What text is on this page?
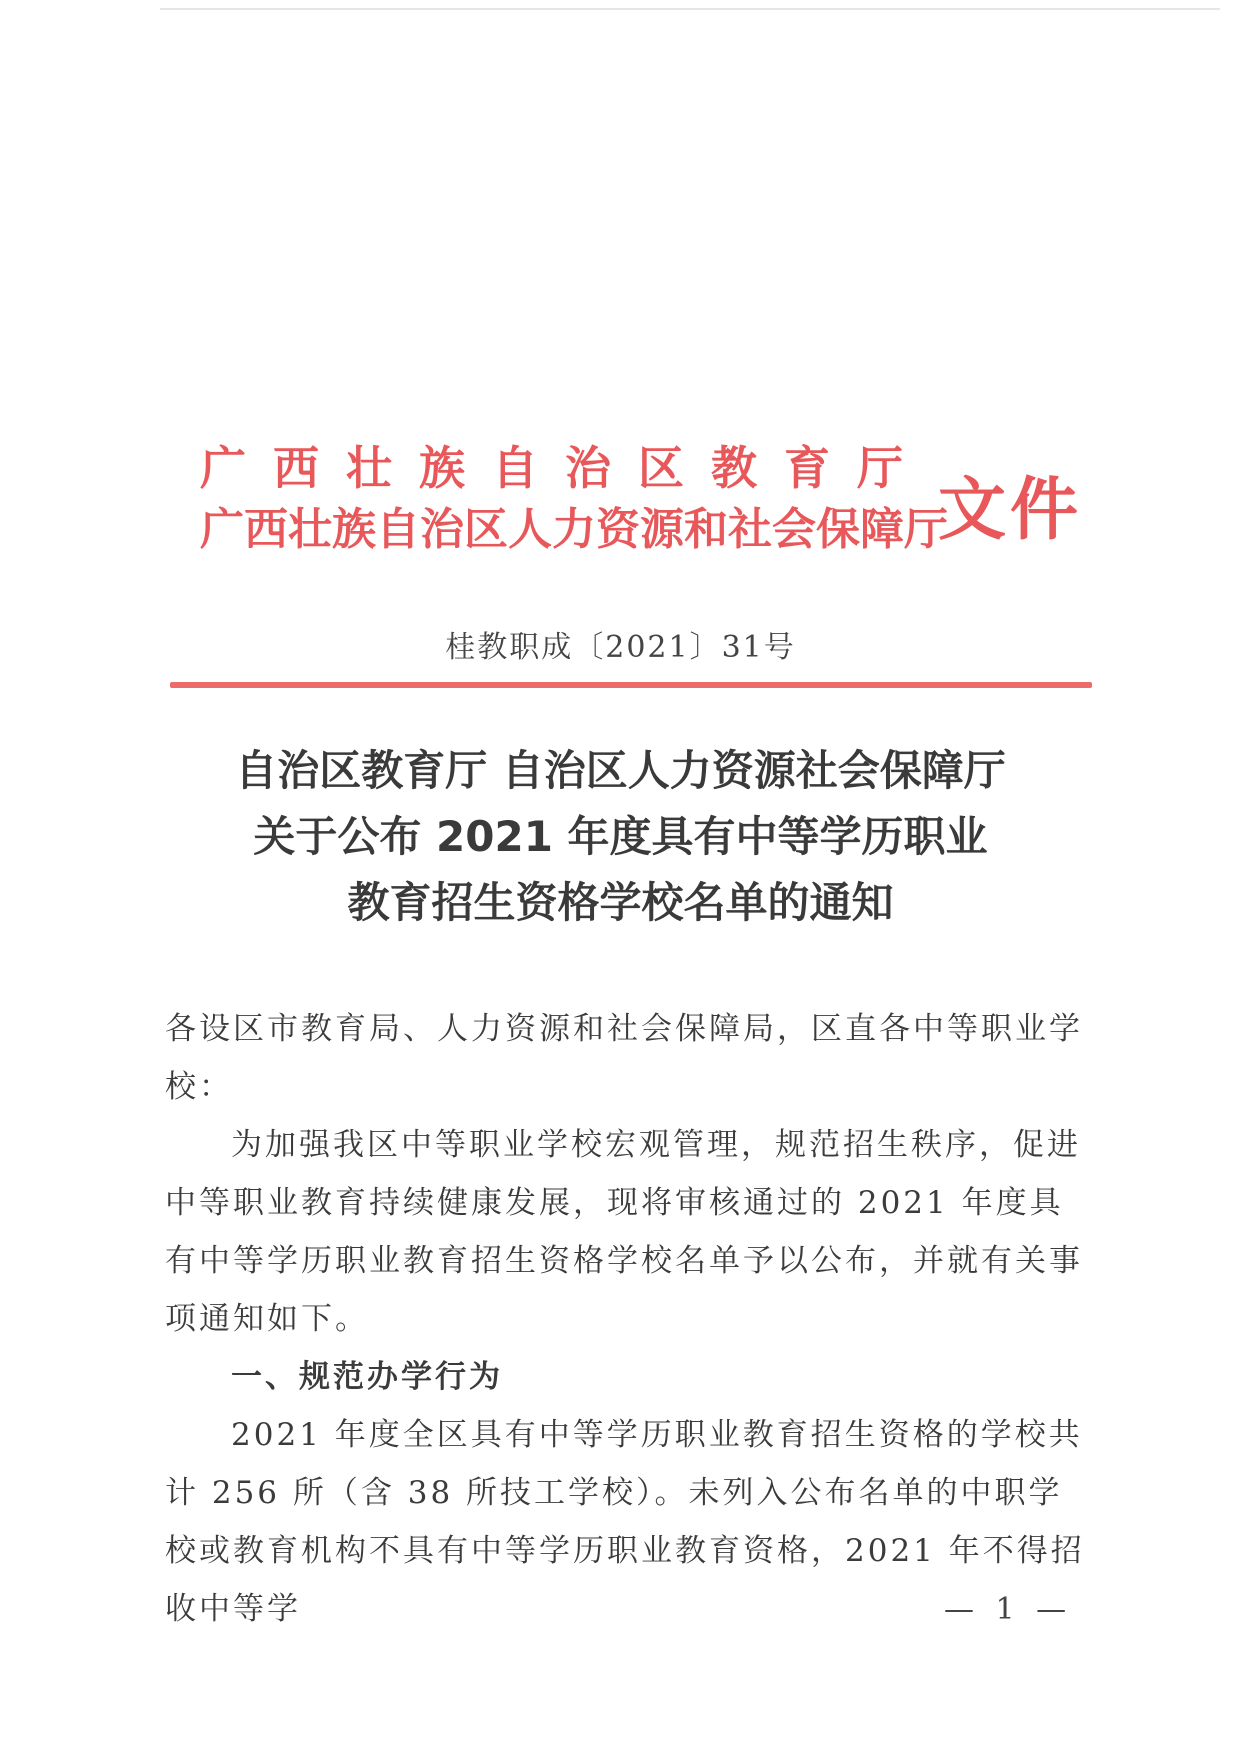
广西壮族自治区教育厅
广西壮族自治区人力资源和社会保障厅
文件
桂教职成〔2021〕31号
自治区教育厅 自治区人力资源社会保障厅
关于公布 2021 年度具有中等学历职业
教育招生资格学校名单的通知

各设区市教育局、人力资源和社会保障局，区直各中等职业学校：

为加强我区中等职业学校宏观管理，规范招生秩序，促进中等职业教育持续健康发展，现将审核通过的 2021 年度具有中等学历职业教育招生资格学校名单予以公布，并就有关事项通知如下。

一、规范办学行为

2021 年度全区具有中等学历职业教育招生资格的学校共计 256 所（含 38 所技工学校）。未列入公布名单的中职学校或教育机构不具有中等学历职业教育资格，2021 年不得招收中等学	— 1 —
